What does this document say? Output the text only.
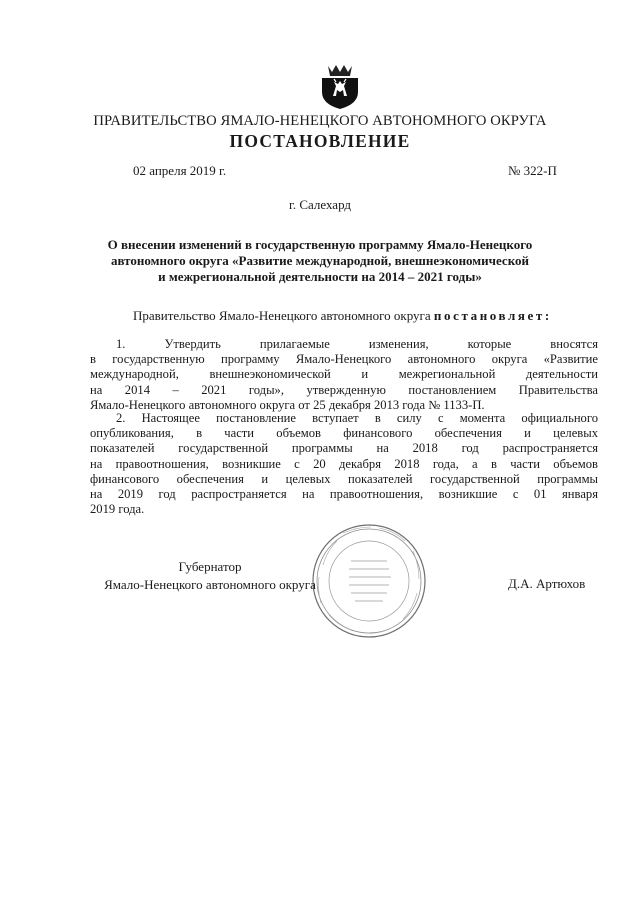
ПРАВИТЕЛЬСТВО ЯМАЛО-НЕНЕЦКОГО АВТОНОМНОГО ОКРУГА
ПОСТАНОВЛЕНИЕ
02 апреля 2019 г.	№ 322-П
г. Салехард
О внесении изменений в государственную программу Ямало-Ненецкого
автономного округа «Развитие международной, внешнеэкономической
и межрегиональной деятельности на 2014 – 2021 годы»
Правительство Ямало-Ненецкого автономного округа постановляет:
1. Утвердить прилагаемые изменения, которые вносятся
в государственную программу Ямало-Ненецкого автономного округа «Развитие
международной, внешнеэкономической и межрегиональной деятельности
на 2014 – 2021 годы», утвержденную постановлением Правительства
Ямало-Ненецкого автономного округа от 25 декабря 2013 года № 1133-П.
2. Настоящее постановление вступает в силу с момента официального
опубликования, в части объемов финансового обеспечения и целевых
показателей государственной программы на 2018 год распространяется
на правоотношения, возникшие с 20 декабря 2018 года, а в части объемов
финансового обеспечения и целевых показателей государственной программы
на 2019 год распространяется на правоотношения, возникшие с 01 января
2019 года.
Губернатор
Ямало-Ненецкого автономного округа	Д.А. Артюхов
